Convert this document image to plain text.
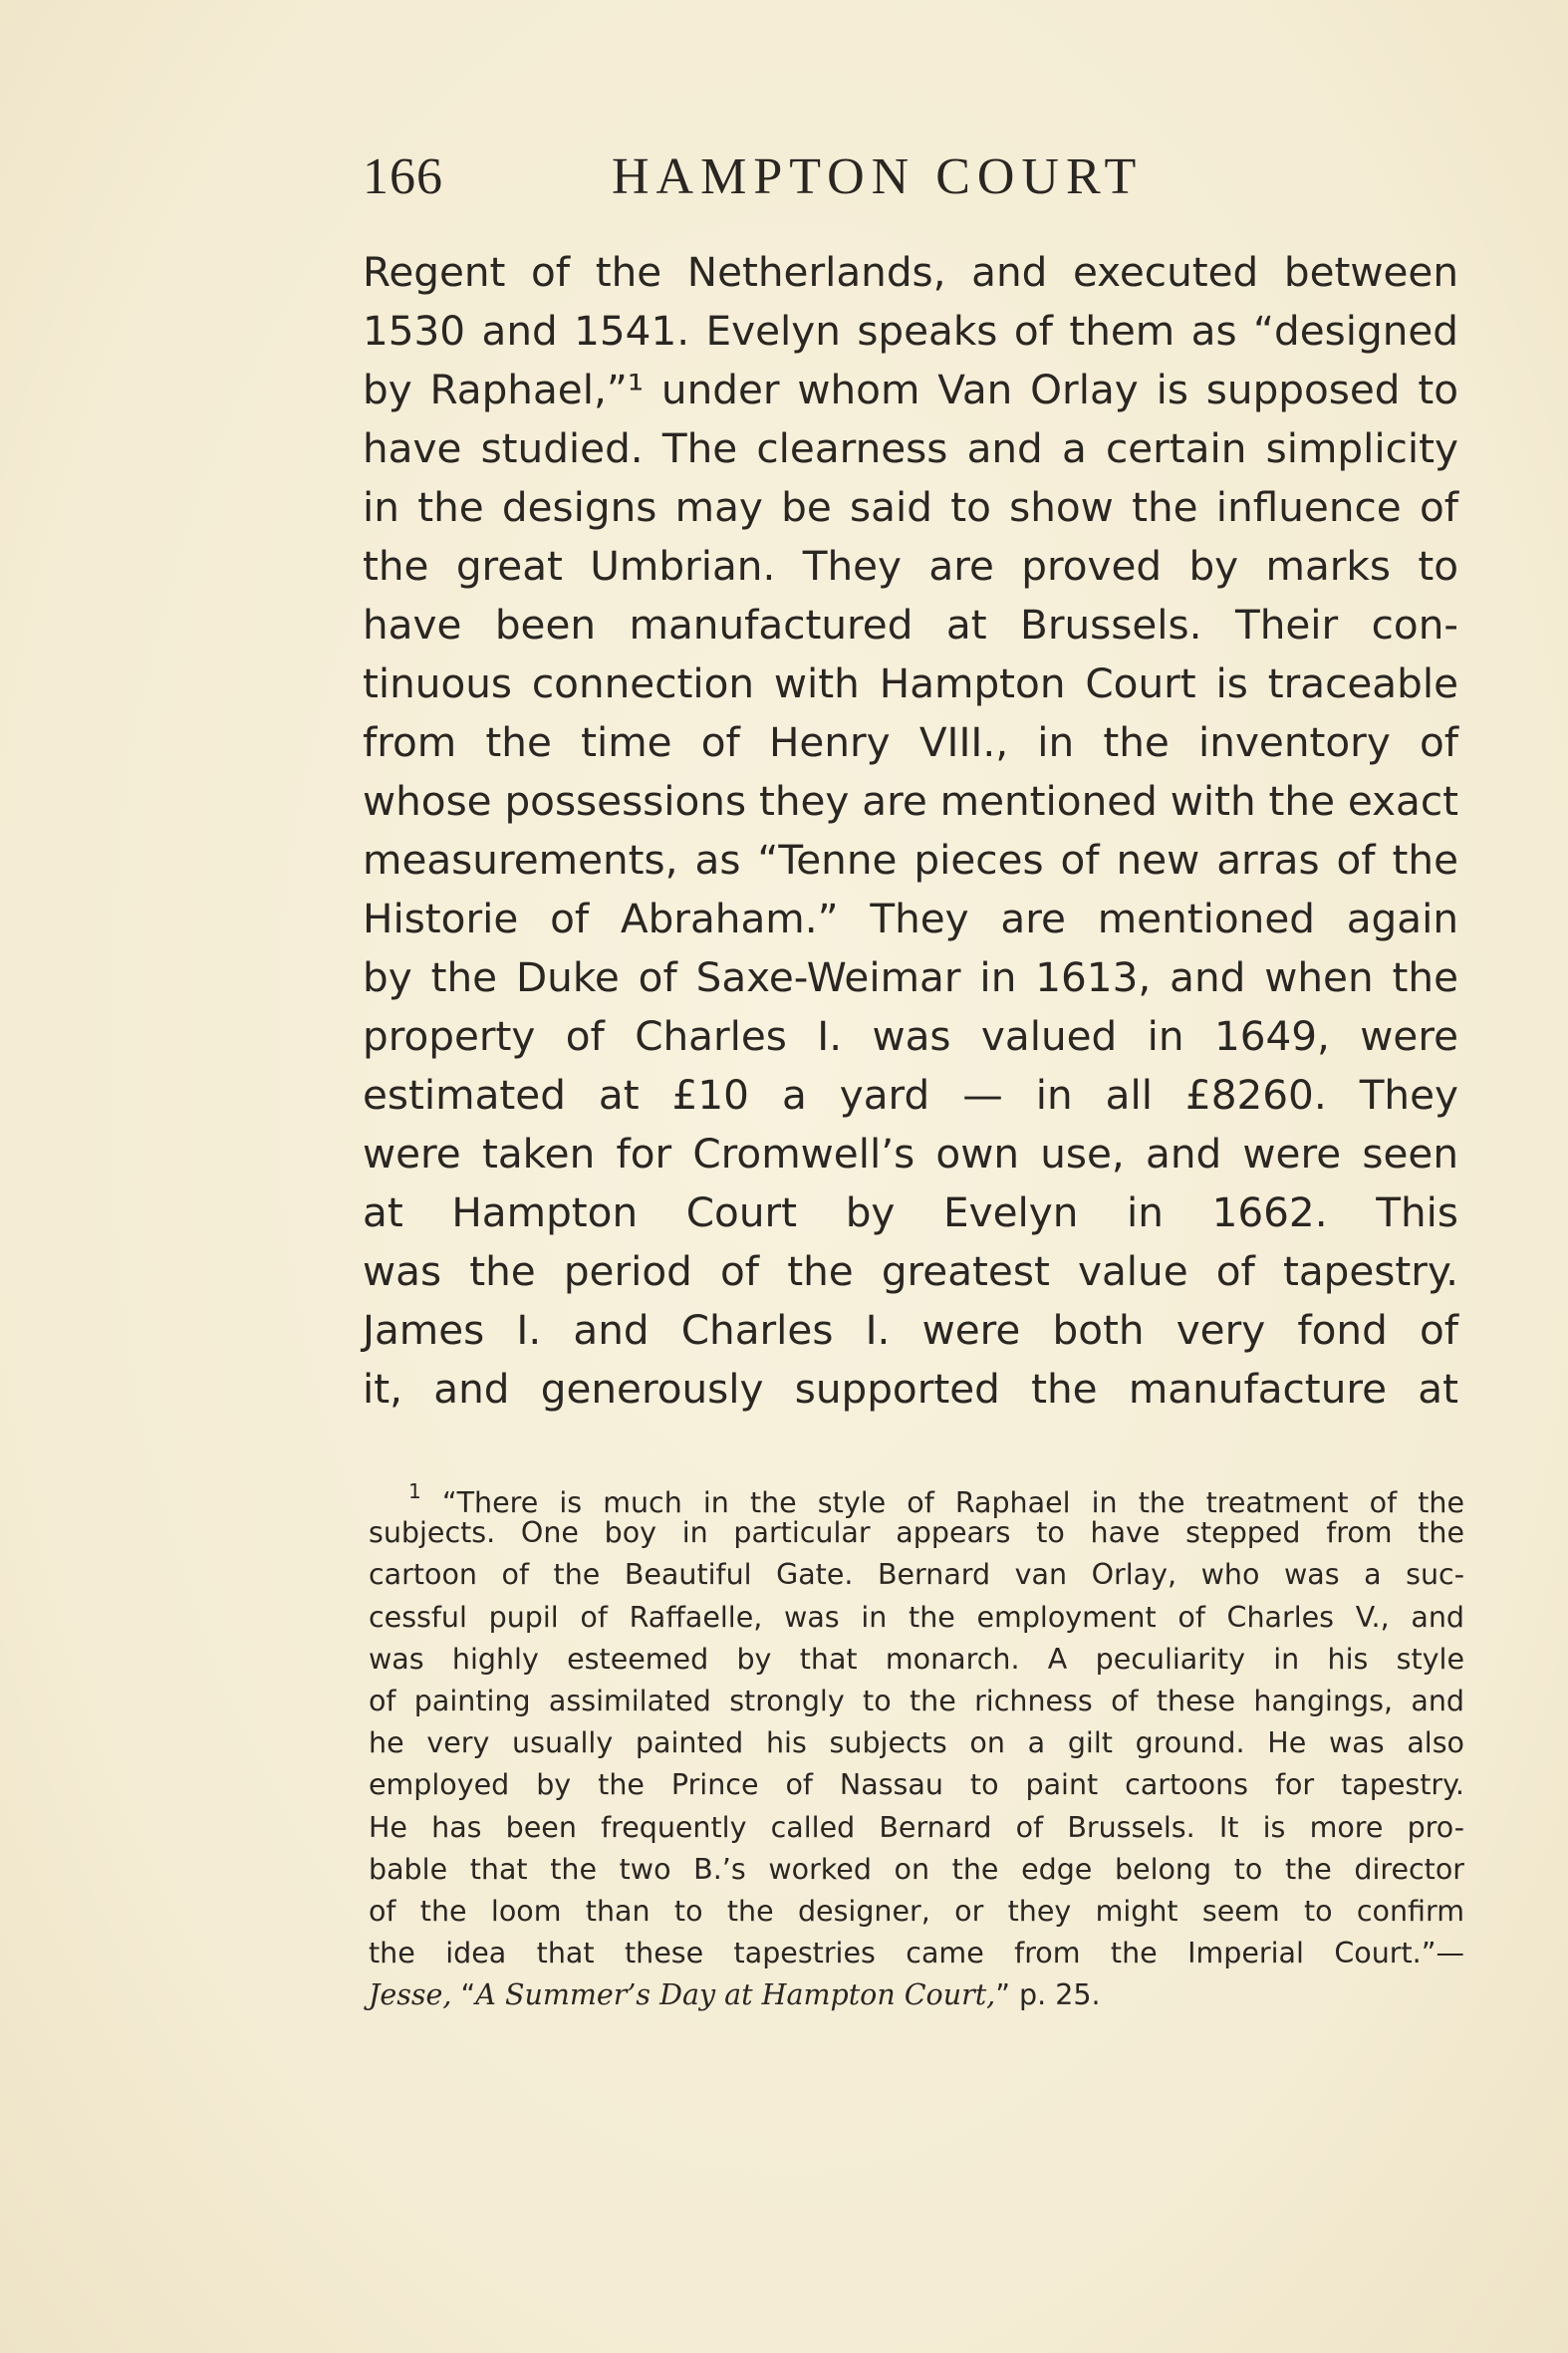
166	HAMPTON COURT
Regent of the Netherlands, and executed between
1530 and 1541. Evelyn speaks of them as “designed
by Raphael,”¹ under whom Van Orlay is supposed to
have studied. The clearness and a certain simplicity
in the designs may be said to show the influence of
the great Umbrian. They are proved by marks to
have been manufactured at Brussels. Their con-
tinuous connection with Hampton Court is traceable
from the time of Henry VIII., in the inventory of
whose possessions they are mentioned with the exact
measurements, as “Tenne pieces of new arras of the
Historie of Abraham.” They are mentioned again
by the Duke of Saxe-Weimar in 1613, and when the
property of Charles I. was valued in 1649, were
estimated at £10 a yard — in all £8260. They
were taken for Cromwell’s own use, and were seen
at Hampton Court by Evelyn in 1662. This
was the period of the greatest value of tapestry.
James I. and Charles I. were both very fond of
it, and generously supported the manufacture at
$^1$ “There is much in the style of Raphael in the treatment of the
subjects. One boy in particular appears to have stepped from the
cartoon of the Beautiful Gate. Bernard van Orlay, who was a suc-
cessful pupil of Raffaelle, was in the employment of Charles V., and
was highly esteemed by that monarch. A peculiarity in his style
of painting assimilated strongly to the richness of these hangings, and
he very usually painted his subjects on a gilt ground. He was also
employed by the Prince of Nassau to paint cartoons for tapestry.
He has been frequently called Bernard of Brussels. It is more pro-
bable that the two B.’s worked on the edge belong to the director
of the loom than to the designer, or they might seem to confirm
the idea that these tapestries came from the Imperial Court.”—
Jesse, “A Summer’s Day at Hampton Court,” p. 25.
